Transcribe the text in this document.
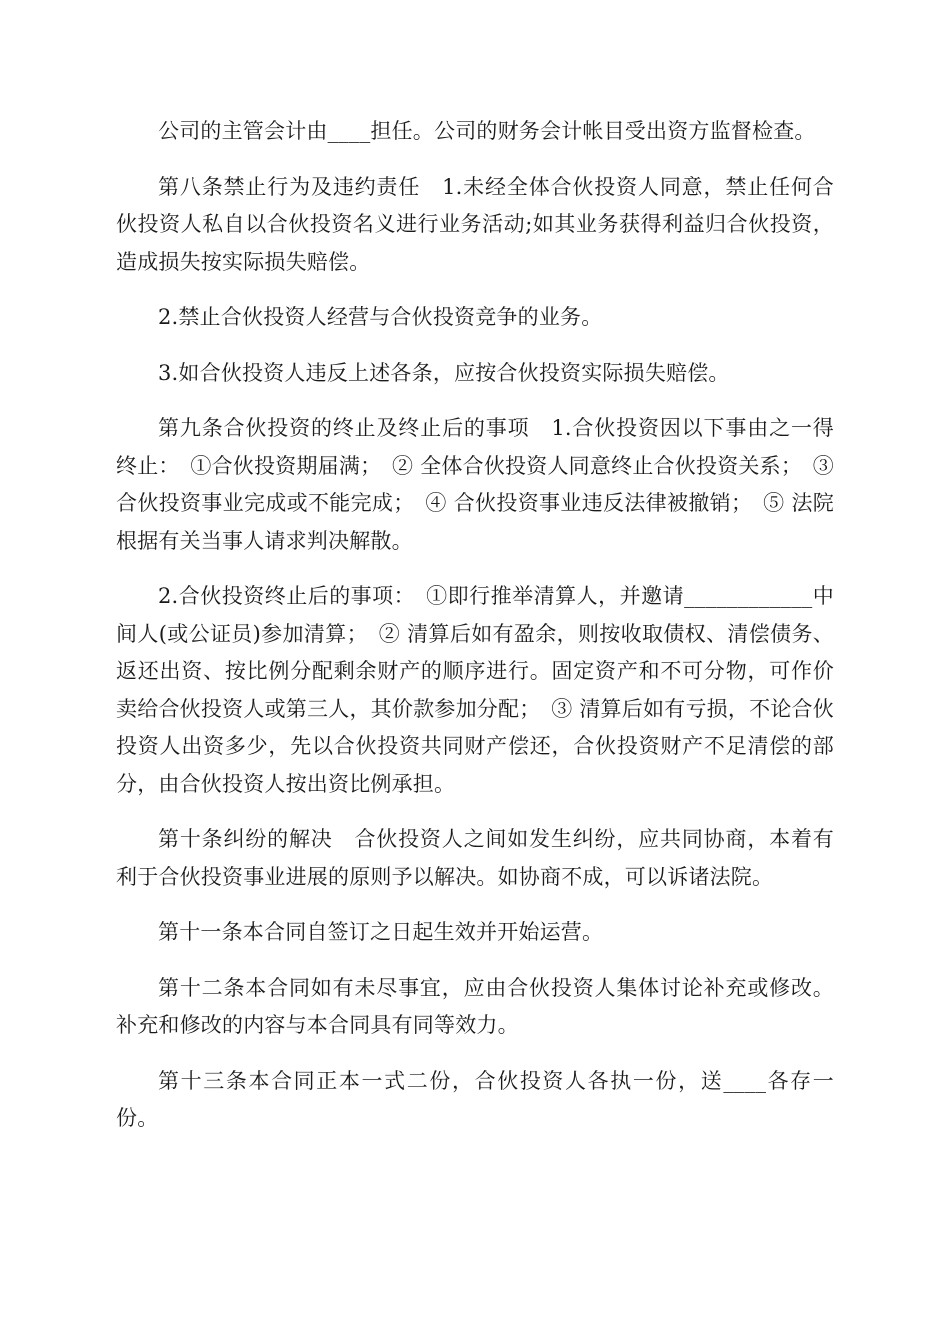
公司的主管会计由____担任。公司的财务会计帐目受出资方监督检查。

第八条禁止行为及违约责任　1.未经全体合伙投资人同意，禁止任何合伙投资人私自以合伙投资名义进行业务活动;如其业务获得利益归合伙投资，造成损失按实际损失赔偿。

2.禁止合伙投资人经营与合伙投资竞争的业务。

3.如合伙投资人违反上述各条，应按合伙投资实际损失赔偿。

第九条合伙投资的终止及终止后的事项　1.合伙投资因以下事由之一得终止：　①合伙投资期届满；　② 全体合伙投资人同意终止合伙投资关系；　③ 合伙投资事业完成或不能完成；　④ 合伙投资事业违反法律被撤销；　⑤ 法院根据有关当事人请求判决解散。

2.合伙投资终止后的事项：　①即行推举清算人，并邀请____________中间人(或公证员)参加清算；　② 清算后如有盈余，则按收取债权、清偿债务、返还出资、按比例分配剩余财产的顺序进行。固定资产和不可分物，可作价卖给合伙投资人或第三人，其价款参加分配；　③ 清算后如有亏损，不论合伙投资人出资多少，先以合伙投资共同财产偿还，合伙投资财产不足清偿的部分，由合伙投资人按出资比例承担。

第十条纠纷的解决　合伙投资人之间如发生纠纷，应共同协商，本着有利于合伙投资事业进展的原则予以解决。如协商不成，可以诉诸法院。

第十一条本合同自签订之日起生效并开始运营。

第十二条本合同如有未尽事宜，应由合伙投资人集体讨论补充或修改。补充和修改的内容与本合同具有同等效力。

第十三条本合同正本一式二份，合伙投资人各执一份，送____各存一份。
